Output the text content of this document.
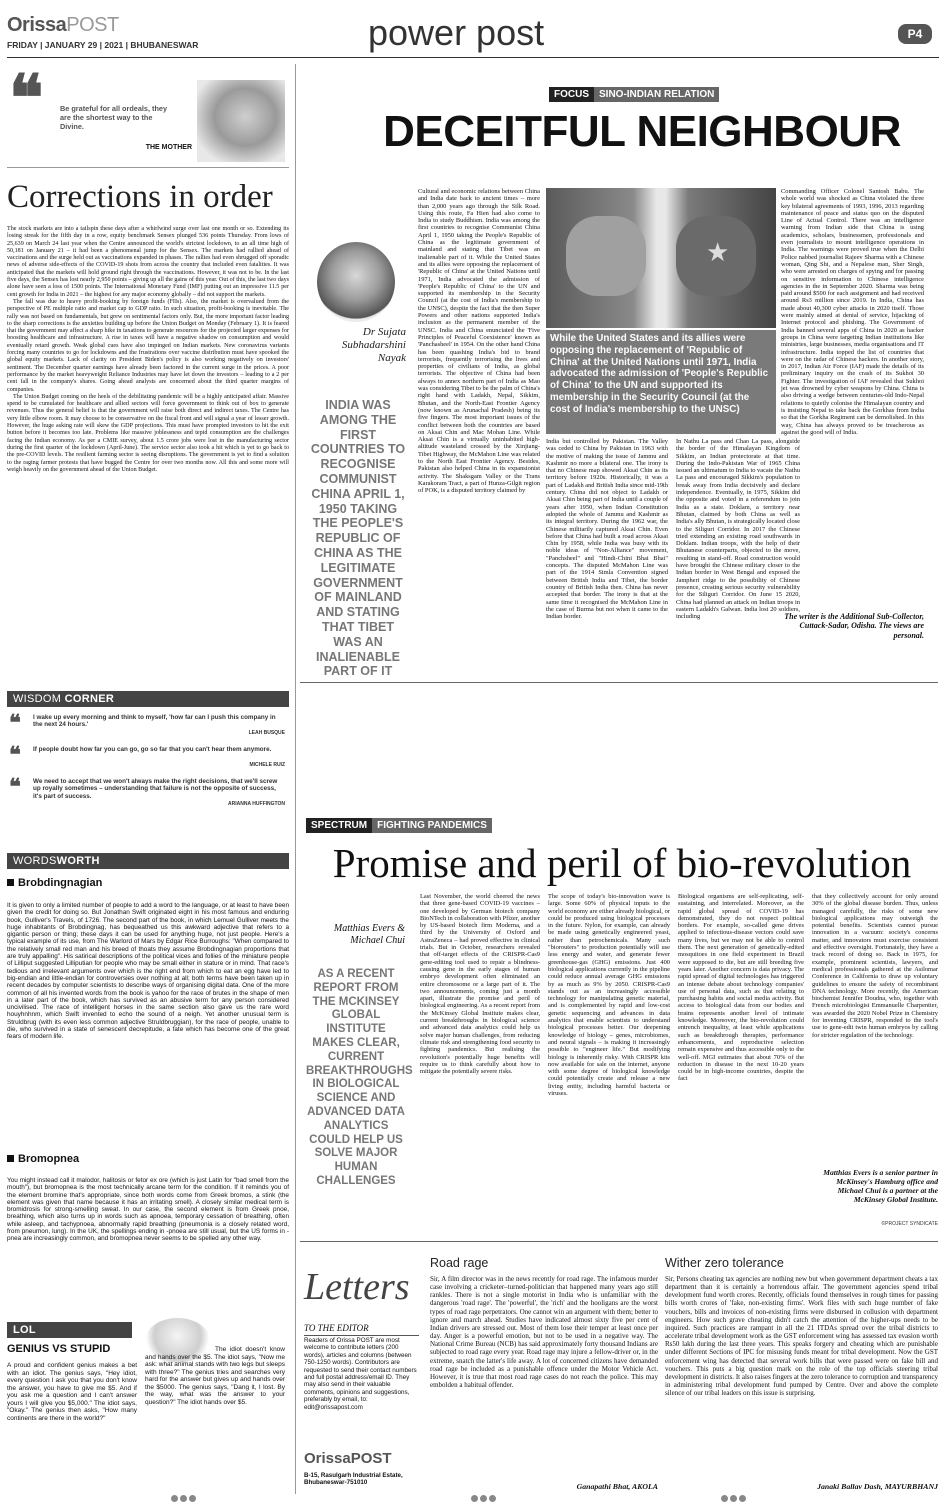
OrissaPOST
FRIDAY | JANUARY 29 | 2021 | BHUBANESWAR	power post	P4
❝ Be grateful for all ordeals, they are the shortest way to the Divine.
THE MOTHER
Corrections in order

The stock markets are into a tailspin these days after a whirlwind surge over last one month or so. Extending its losing streak for the fifth day in a row, equity benchmark Sensex plunged 536 points Thursday. From lows of 25,639 on March 24 last year when the Centre announced the world's strictest lockdown, to an all time high of 50,181 on January 21 – it had been a phenomenal jump for the Sensex. The markets had rallied ahead of vaccinations and the surge held out as vaccinations expanded in phases. The rallies had even shrugged off sporadic news of adverse side-effects of the COVID-19 shots from across the country that included even fatalities. It was anticipated that the markets will hold ground right through the vaccinations. However, it was not to be. In the last five days, the Sensex has lost nearly 2,950 points – giving up all the gains of this year. Out of this, the last two days alone have seen a loss of 1500 points. The International Monetary Fund (IMF) putting out an impressive 11.5 per cent growth for India in 2021 – the highest for any major economy globally – did not support the markets.

The fall was due to heavy profit-booking by foreign funds (FIIs). Also, the market is overvalued from the perspective of PE multiple ratio and market cap to GDP ratio. In such situation, profit-booking is inevitable. The rally was not based on fundamentals, but grew on sentimental factors only. But, the more important factor leading to the sharp corrections is the anxieties building up before the Union Budget on Monday (February 1). It is feared that the government may affect a sharp hike in taxations to generate resources for the projected larger expenses for boosting healthcare and infrastructure. A rise in taxes will have a negative shadow on consumption and would eventually retard growth. Weak global cues have also impinged on Indian markets. New coronavirus variants forcing many countries to go for lockdowns and the frustrations over vaccine distribution must have spooked the global equity markets. Lack of clarity on President Biden's policy is also working negatively on investors' sentiment. The December quarter earnings have already been factored in the current surge in the prices. A poor performance by the market heavyweight Reliance Industries may have let down the investors – leading to a 2 per cent fall in the company's shares. Going ahead analysts are concerned about the third quarter margins of companies.

The Union Budget coming on the heels of the debilitating pandemic will be a highly anticipated affair. Massive spend to be cumulated for healthcare and allied sectors will force government to think out of box to generate revenues. Thus the general belief is that the government will raise both direct and indirect taxes. The Centre has very little elbow room. It may choose to be conservative on the fiscal front and will signal a year of lesser growth. However, the huge asking rate will skew the GDP projections. This must have prompted investors to hit the exit button before it becomes too late. Problems like massive joblessness and tepid consumption are the challenges facing the Indian economy. As per a CMIE survey, about 1.5 crore jobs were lost in the manufacturing sector during the first quarter of the lockdown (April-June). The service sector also took a hit which is yet to go back to the pre-COVID levels. The resilient farming sector is seeing disruptions. The government is yet to find a solution to the raging farmer protests that have bugged the Centre for over two months now. All this and some more will weigh heavily on the government ahead of the Union Budget.

WISDOM CORNER
❝ I wake up every morning and think to myself, 'how far can I push this company in the next 24 hours.'

LEAH BUSQUE

❝ If people doubt how far you can go, go so far that you can't hear them anymore.

MICHELE RUIZ

❝ We need to accept that we won't always make the right decisions, that we'll screw up royally sometimes – understanding that failure is not the opposite of success, it's part of success.

ARIANNA HUFFINGTON

WORDSWORTH
Brobdingnagian
It is given to only a limited number of people to add a word to the language, or at least to have been given the credit for doing so. But Jonathan Swift originated eight in his most famous and enduring book, Gulliver's Travels, of 1726. The second part of the book, in which Lemuel Gulliver meets the huge inhabitants of Brobdingnag, has bequeathed us this awkward adjective that refers to a gigantic person or thing; these days it can be used for anything huge, not just people. Here's a typical example of its use, from The Warlord of Mars by Edgar Rice Burroughs: "When compared to the relatively small red man and his breed of thoats they assume Brobdingnagian proportions that are truly appalling". His satirical descriptions of the political vices and follies of the miniature people of Lilliput suggested Lilliputian for people who may be small either in stature or in mind. That race's tedious and irrelevant arguments over which is the right end from which to eat an egg have led to big-endian and little-endian for controversies over nothing at all; both terms have been taken up in recent decades by computer scientists to describe ways of organising digital data. One of the more common of all his invented words from the book is yahoo for the race of brutes in the shape of men in a later part of the book, which has survived as an abusive term for any person considered uncivilised. The race of intelligent horses in the same section also gave us the rare word houyhnhnm, which Swift invented to echo the sound of a neigh. Yet another unusual term is Struldbrug (with its even less common adjective Struldbruggian), for the race of people, unable to die, who survived in a state of senescent decrepitude, a fate which has become one of the great fears of modern life.
Bromopnea
You might instead call it malodor, halitosis or fetor ex ore (which is just Latin for "bad smell from the mouth"), but bromopnea is the most technically arcane term for the condition. If it reminds you of the element bromine that's appropriate, since both words come from Greek bromos, a stink (the element was given that name because it has an irritating smell). A closely similar medical term is bromidrosis for strong-smelling sweat. In our case, the second element is from Greek pnoe, breathing, which also turns up in words such as apnoea, temporary cessation of breathing, often while asleep, and tachypnoea, abnormally rapid breathing (pneumonia is a closely related word, from pneumon, lung). In the UK, the spellings ending in -pnoea are still usual, but the US forms in -pnea are increasingly common, and bromopnea never seems to be spelled any other way.
LOL
GENIUS VS STUPID
A proud and confident genius makes a bet with an idiot. The genius says, "Hey idiot, every question I ask you that you don't know the answer, you have to give me $5. And if you ask me a question and I can't answer yours I will give you $5,000." The idiot says, "Okay." The genius then asks, "How many continents are there in the world?"
The idiot doesn't know and hands over the $5. The idiot says, "Now me ask: what animal stands with two legs but sleeps with three?" The genius tries and searches very hard for the answer but gives up and hands over the $5000. The genius says, "Dang it, I lost. By the way, what was the answer to your question?" The idiot hands over $5.
FOCUS SINO-INDIAN RELATION
DECEITFUL NEIGHBOUR
Dr Sujata Subhadarshini Nayak
INDIA WAS AMONG THE FIRST COUNTRIES TO RECOGNISE COMMUNIST CHINA APRIL 1, 1950 TAKING THE PEOPLE'S REPUBLIC OF CHINA AS THE LEGITIMATE GOVERNMENT OF MAINLAND AND STATING THAT TIBET WAS AN INALIENABLE PART OF IT
Cultural and economic relations between China and India date back to ancient times – more than 2,000 years ago through the Silk Road. Using this route, Fa Hien had also come to India to study Buddhism. India was among the first countries to recognise Communist China April 1, 1950 taking the People's Republic of China as the legitimate government of mainland and stating that Tibet was an inalienable part of it. While the United States and its allies were opposing the replacement of 'Republic of China' at the United Nations until 1971, India advocated the admission of 'People's Republic of China' to the UN and supported its membership in the Security Council (at the cost of India's membership to the UNSC), despite the fact that the then Super Powers and other nations supported India's inclusion as the permanent member of the UNSC. India and China enunciated the 'Five Principles of Peaceful Coexistence' known as 'Panchasheel' in 1954. On the other hand China has been quashing India's bid to brand terrorists, frequently terrorising the lives and properties of civilians of India, as global terrorists. The objective of China had been always to annex northern part of India as Mao was considering Tibet to be the palm of China's right hand with Ladakh, Nepal, Sikkim, Bhutan, and the North-East Frontier Agency (now known as Arunachal Pradesh) being its five fingers. The most important issues of the conflict between both the countries are based on Aksai Chin and Mac Mohan Line. While Aksai Chin is a virtually uninhabited high-altitude wasteland crossed by the Xinjiang-Tibet Highway, the McMahon Line was related to the North East Frontier Agency. Besides, Pakistan also helped China in its expansionist activity. The Shaksgam Valley or the Trans Karakoram Tract, a part of Hunza-Gilgit region of POK, is a disputed territory claimed by
★
While the United States and its allies were opposing the replacement of 'Republic of China' at the United Nations until 1971, India advocated the admission of 'People's Republic of China' to the UN and supported its membership in the Security Council (at the cost of India's membership to the UNSC)
India but controlled by Pakistan. The Valley was ceded to China by Pakistan in 1963 with the motive of making the issue of Jammu and Kashmir no more a bilateral one. The irony is that no Chinese map showed Aksai Chin as its territory before 1920s. Historically, it was a part of Ladakh and British India since mid-19th century. China did not object to Ladakh or Aksai Chin being part of India until a couple of years after 1950, when Indian Constitution adopted the whole of Jammu and Kashmir as its integral territory. During the 1962 war, the Chinese militarily captured Aksai Chin. Even before that China had built a road across Aksai Chin by 1958, while India was busy with its noble ideas of "Non-Alliance" movement, "Panchsheel" and "Hindi-Chini Bhai Bhai" concepts. The disputed McMahon Line was part of the 1914 Simla Convention signed between British India and Tibet, the border country of British India then. China has never accepted that border. The irony is that at the same time it recognised the McMahon Line in the case of Burma but not when it came to the Indian border.
In Nathu La pass and Chao La pass, alongside the border of the Himalayan Kingdom of Sikkim, an Indian protectorate at that time. During the Indo-Pakistan War of 1965 China issued an ultimatum to India to vacate the Nathu La pass and encouraged Sikkim's population to break away from India decisively and declare independence. Eventually, in 1975, Sikkim did the opposite and voted in a referendum to join India as a state. Doklam, a territory near Bhutan, claimed by both China as well as India's ally Bhutan, is strategically located close to the Siliguri Corridor. In 2017 the Chinese tried extending an existing road southwards in Doklam. Indian troops, with the help of their Bhutanese counterparts, objected to the move, resulting in stand-off. Road construction would have brought the Chinese military closer to the Indian border in West Bengal and exposed the Jampheri ridge to the possibility of Chinese presence, creating serious security vulnerability for the Siliguri Corridor. On June 15 2020, China had planned an attack on Indian troops in eastern Ladakh's Galwan. India lost 20 soldiers, including
Commanding Officer Colonel Santosh Babu. The whole world was shocked as China violated the three key bilateral agreements of 1993, 1996, 2013 regarding maintenance of peace and status quo on the disputed Line of Actual Control. There was an intelligence warning from Indian side that China is using academics, scholars, businessmen, professionals and even journalists to mount intelligence operations in India. The warnings were proved true when the Delhi Police nabbed journalist Rajeev Sharma with a Chinese woman, Qing Shi, and a Nepalese man, Sher Singh, who were arrested on charges of spying and for passing on sensitive information to Chinese intelligence agencies in the in September 2020. Sharma was being paid around $500 for each assignment and had received around Rs3 million since 2019. In India, China has made about 40,300 cyber attacks in 2020 itself. Those were mainly aimed at denial of service, hijacking of Internet protocol and phishing. The Government of India banned several apps of China in 2020 as hacker groups in China were targeting Indian institutions like ministries, large businesses, media organisations and IT infrastructure. India topped the list of countries that were on the radar of Chinese hackers. In another story, in 2017, Indian Air Force (IAF) made the details of its preliminary inquiry on the crash of its Sukhoi 30 Fighter. The investigation of IAF revealed that Sukhoi jet was drowned by cyber weapons by China. China is also driving a wedge between centuries-old Indo-Nepal relations to quietly colonise the Himalayan country and is insisting Nepal to take back the Gorkhas from India so that the Gorkha Regiment can be demolished. In this way, China has always proved to be treacherous as against the good will of India.
The writer is the Additional Sub-Collector, Cuttack-Sadar, Odisha. The views are personal.
SPECTRUM FIGHTING PANDEMICS
Promise and peril of bio-revolution
Matthias Evers & Michael Chui
AS A RECENT REPORT FROM THE MCKINSEY GLOBAL INSTITUTE MAKES CLEAR, CURRENT BREAKTHROUGHS IN BIOLOGICAL SCIENCE AND ADVANCED DATA ANALYTICS COULD HELP US SOLVE MAJOR HUMAN CHALLENGES
Last November, the world cheered the news that three gene-based COVID-19 vaccines – one developed by German biotech company BioNTech in collaboration with Pfizer, another by US-based biotech firm Moderna, and a third by the University of Oxford and AstraZeneca – had proved effective in clinical trials. But in October, researchers revealed that off-target effects of the CRISPR-Cas9 gene-editing tool used to repair a blindness-causing gene in the early stages of human embryo development often eliminated an entire chromosome or a large part of it. The two announcements, coming just a month apart, illustrate the promise and peril of biological engineering. As a recent report from the McKinsey Global Institute makes clear, current breakthroughs in biological science and advanced data analytics could help us solve major human challenges, from reducing climate risk and strengthening food security to fighting pandemics. But realising the revolution's potentially huge benefits will require us to think carefully about how to mitigate the potentially severe risks.
The scope of today's bio-innovation wave is large. Some 60% of physical inputs to the world economy are either already biological, or could be produced using biological processes in the future. Nylon, for example, can already be made using genetically engineered yeast, rather than petrochemicals. Many such "biorouters" to production potentially will use less energy and water, and generate fewer greenhouse-gas (GHG) emissions. Just 400 biological applications currently in the pipeline could reduce annual average GHG emissions by as much as 9% by 2050. CRISPR-Cas9 stands out as an increasingly accessible technology for manipulating genetic material, and is complemented by rapid and low-cost genetic sequencing and advances in data analytics that enable scientists to understand biological processes better. Our deepening knowledge of biology – genes, microbiomes, and neural signals – is making it increasingly possible to "engineer life." But modifying biology is inherently risky. With CRISPR kits now available for sale on the internet, anyone with some degree of biological knowledge could potentially create and release a new living entity, including harmful bacteria or viruses.
Biological organisms are self-replicating, self-sustaining, and interrelated. Moreover, as the rapid global spread of COVID-19 has demonstrated, they do not respect political borders. For example, so-called gene drives applied to infectious-disease vectors could save many lives, but we may not be able to control them. The next generation of genetically-edited mosquitoes in one field experiment in Brazil were supposed to die, but are still breeding five years later. Another concern is data privacy. The rapid spread of digital technologies has triggered an intense debate about technology companies' use of personal data, such as that relating to purchasing habits and social media activity. But access to biological data from our bodies and brains represents another level of intimate knowledge. Moreover, the bio-revolution could entrench inequality, at least while applications such as breakthrough therapies, performance enhancements, and reproductive selection remain expensive and thus accessible only to the well-off. MGI estimates that about 70% of the reduction in disease in the next 10-20 years could be in high-income countries, despite the fact
that they collectively account for only around 30% of the global disease burden. Thus, unless managed carefully, the risks of some new biological applications may outweigh the potential benefits. Scientists cannot pursue innovation in a vacuum: society's concerns matter, and innovators must exercise consistent and effective oversight. Fortunately, they have a track record of doing so. Back in 1975, for example, prominent scientists, lawyers, and medical professionals gathered at the Asilomar Conference in California to draw up voluntary guidelines to ensure the safety of recombinant DNA technology. More recently, the American biochemist Jennifer Doudna, who, together with French microbiologist Emmanuelle Charpentier, was awarded the 2020 Nobel Prize in Chemistry for inventing CRISPR, responded to the tool's use to gene-edit twin human embryos by calling for stricter regulation of the technology.
Matthias Evers is a senior partner in McKinsey's Hamburg office and Michael Chui is a partner at the McKinsey Global Institute.
©PROJECT SYNDICATE
Letters
TO THE EDITOR
Readers of Orissa POST are most welcome to contribute letters (200 words), articles and columns (between 750-1250 words). Contributors are requested to send their contact numbers and full postal address/email ID. They may also send in their valuable comments, opinions and suggestions, preferably by email, to: edit@orissapost.com
OrissaPOST
B-15, Rasulgarh Industrial Estate, Bhubaneswar-751010
Road rage
Sir, A film director was in the news recently for road rage. The infamous murder case involving a cricketer–turned-politician that happened many years ago still rankles. There is not a single motorist in India who is unfamiliar with the dangerous 'road rage'. The 'powerful', the 'rich' and the hooligans are the worst types of road rage perpetrators. One cannot win an argument with them; better to ignore and march ahead. Studies have indicated almost sixty five per cent of Indian drivers are stressed out. Most of them lose their temper at least once per day. Anger is a powerful emotion, but not to be used in a negative way. The National Crime Bureau (NCB) has said approximately forty thousand Indians are subjected to road rage every year. Road rage may injure a fellow-driver or, in the extreme, snatch the latter's life away. A lot of concerned citizens have demanded road rage be included as a punishable offence under the Motor Vehicle Act. However, it is true that most road rage cases do not reach the police. This may embolden a habitual offender.
Ganapathi Bhat, AKOLA
Wither zero tolerance
Sir, Persons cheating tax agencies are nothing new but when government department cheats a tax department than it is certainly a horrendous affair. The government agencies spend tribal development fund worth crores. Recently, officials found themselves in rough times for passing bills worth crores of 'fake, non-existing firms'. Work files with such huge number of fake vouchers, bills and invoices of non-existing firms were disbursed in collusion with department engineers. How such grave cheating didn't catch the attention of the higher-ups needs to be inquired. Such practices are rampant in all the 21 ITDAs spread over the tribal districts to accelerate tribal development work as the GST enforcement wing has assessed tax evasion worth Rs50 lakh during the last three years. This speaks forgery and cheating which are punishable under different Sections of IPC for misusing funds meant for tribal development. Now the GST enforcement wing has detected that several work bills that were passed were on fake bill and vouchers. This puts a big question mark on the role of the top officials steering tribal development in districts. It also raises fingers at the zero tolerance to corruption and transparency in administering tribal development fund pumped by Centre. Over and above the complete silence of our tribal leaders on this issue is surprising.
Janaki Ballav Dash, MAYURBHANJ
